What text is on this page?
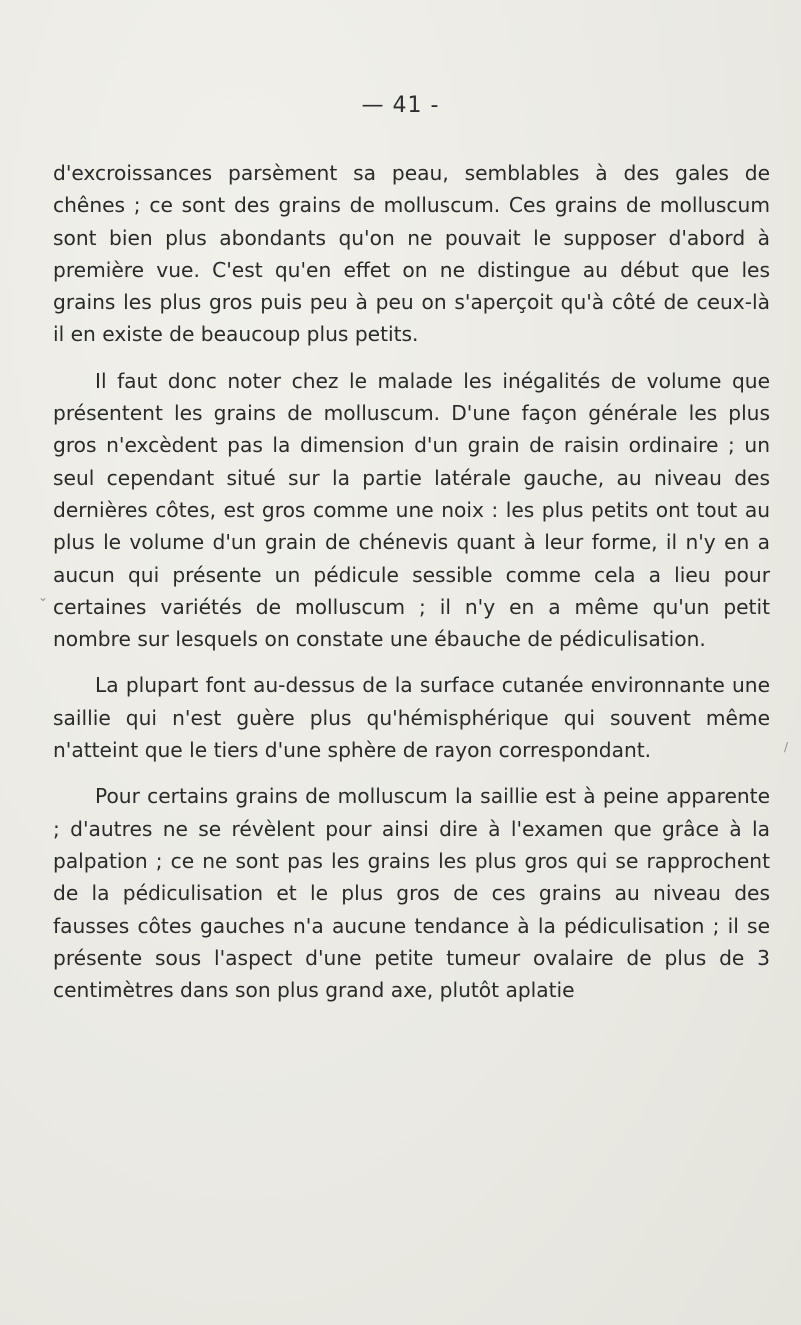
— 41 -

d'excroissances parsèment sa peau, semblables à des gales de chênes ; ce sont des grains de molluscum. Ces grains de molluscum sont bien plus abondants qu'on ne pouvait le supposer d'abord à première vue. C'est qu'en effet on ne distingue au début que les grains les plus gros puis peu à peu on s'aperçoit qu'à côté de ceux-là il en existe de beaucoup plus petits.

Il faut donc noter chez le malade les inégalités de volume que présentent les grains de molluscum. D'une façon générale les plus gros n'excèdent pas la dimension d'un grain de raisin ordinaire ; un seul cependant situé sur la partie latérale gauche, au niveau des dernières côtes, est gros comme une noix : les plus petits ont tout au plus le volume d'un grain de chénevis quant à leur forme, il n'y en a aucun qui présente un pédicule sessible comme cela a lieu pour certaines variétés de molluscum ; il n'y en a même qu'un petit nombre sur lesquels on constate une ébauche de pédiculisation.

La plupart font au-dessus de la surface cutanée environnante une saillie qui n'est guère plus qu'hémisphérique qui souvent même n'atteint que le tiers d'une sphère de rayon correspondant.

Pour certains grains de molluscum la saillie est à peine apparente ; d'autres ne se révèlent pour ainsi dire à l'examen que grâce à la palpation ; ce ne sont pas les grains les plus gros qui se rapprochent de la pédiculisation et le plus gros de ces grains au niveau des fausses côtes gauches n'a aucune tendance à la pédiculisation ; il se présente sous l'aspect d'une petite tumeur ovalaire de plus de 3 centimètres dans son plus grand axe, plutôt aplatie

⌄
/
